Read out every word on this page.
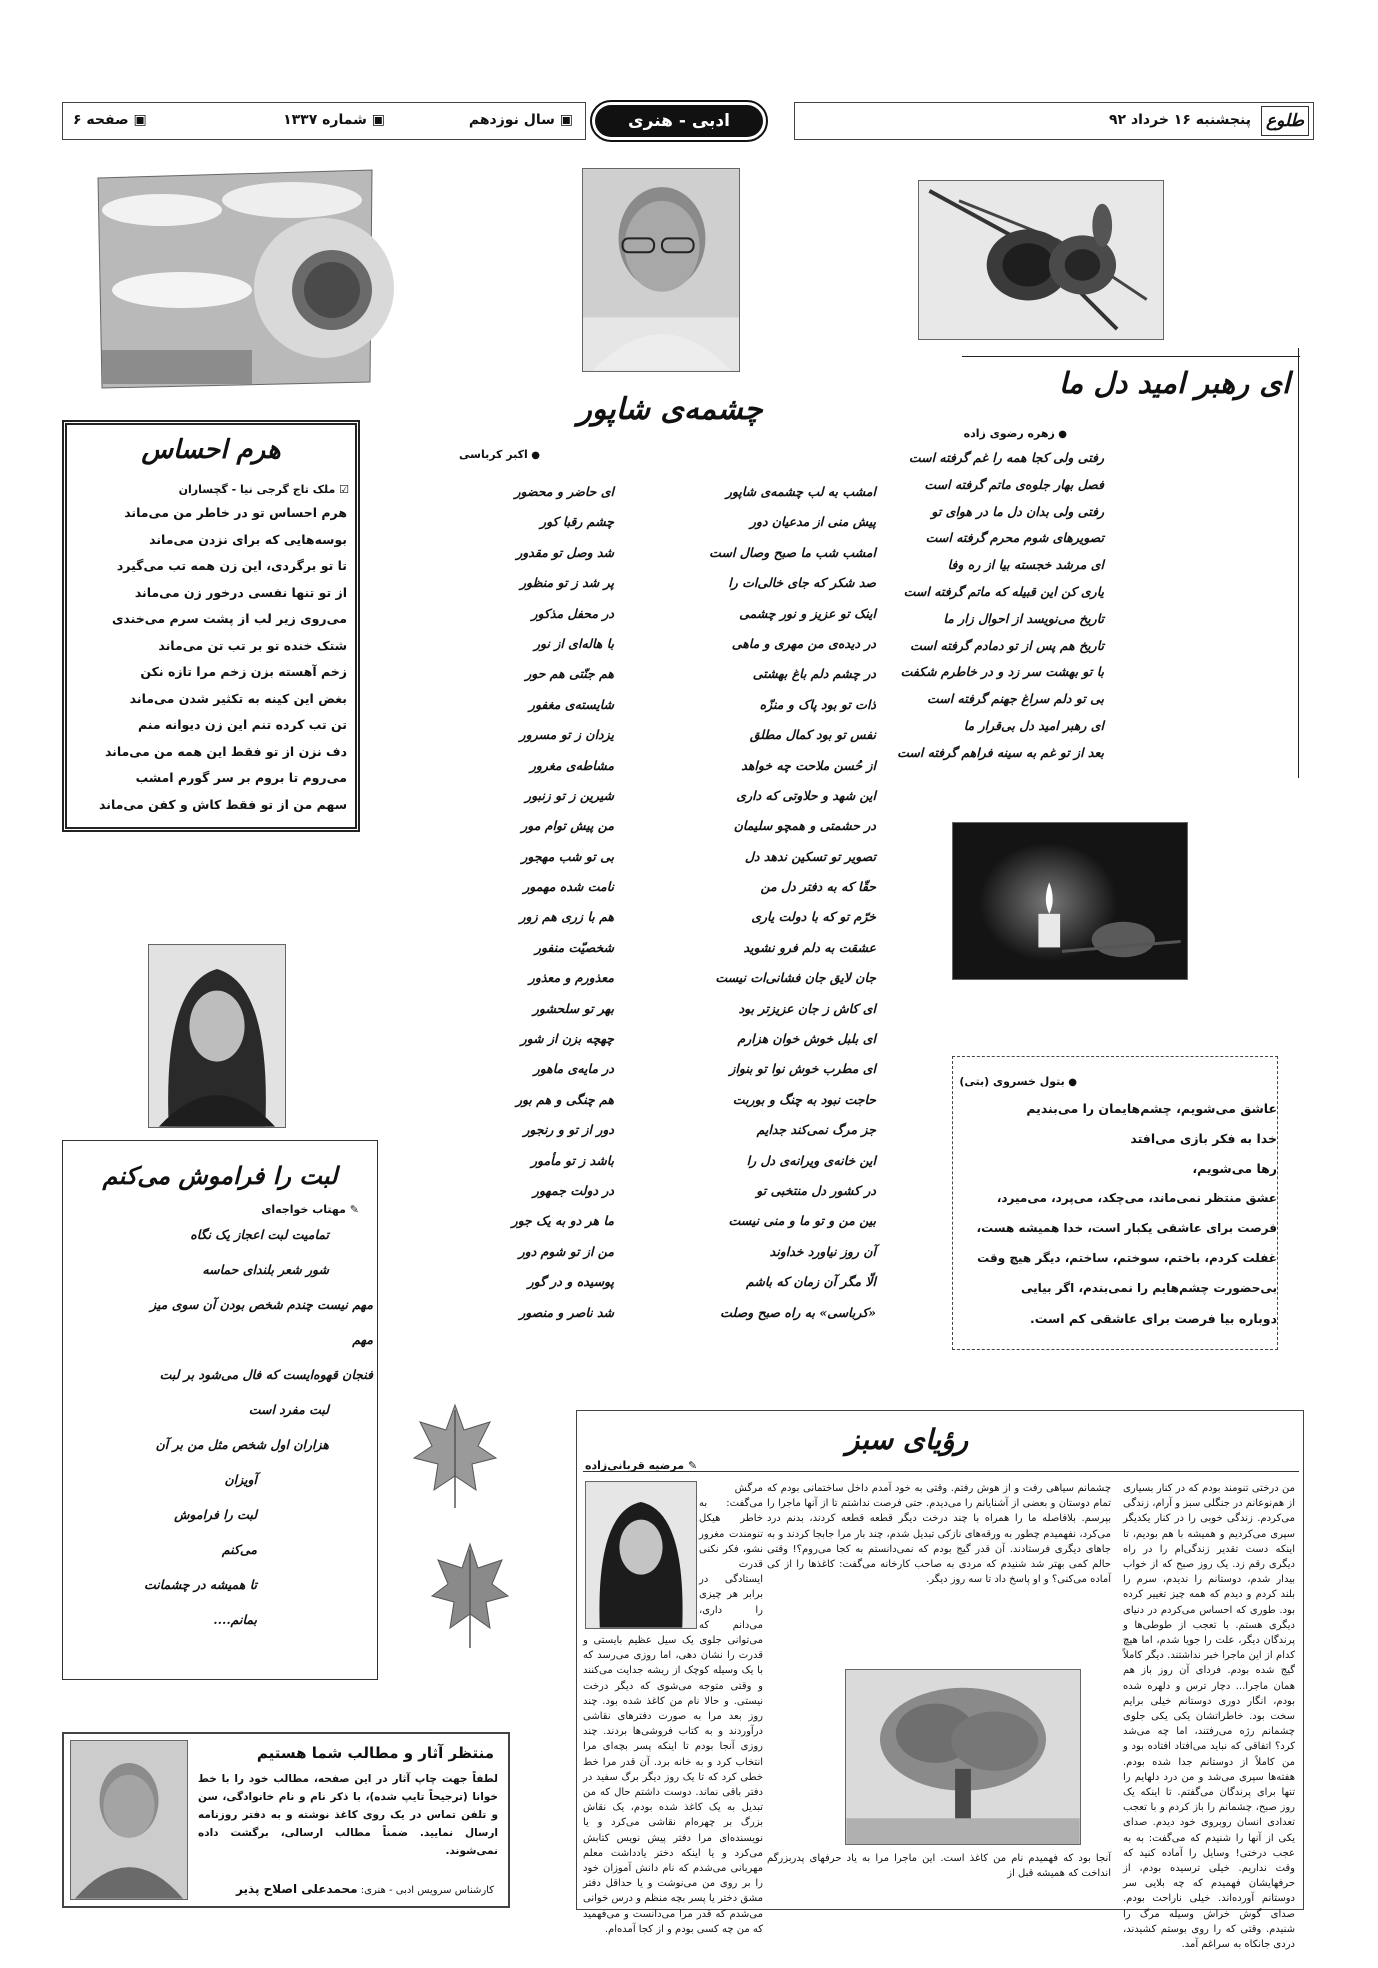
طلوع
پنجشنبه ۱۶ خرداد ۹۲
ادبی - هنری
▣ سال نوزدهم
▣ شماره ۱۳۳۷
▣ صفحه ۶
ای رهبر امید دل ما
● زهره رضوی زاده
رفتی ولی کجا همه را غم گرفته است
فصل بهار جلوه‌ی ماتم گرفته است
رفتی ولی بدان دل ما در هوای تو
تصویرهای شوم محرم گرفته است
ای مرشد خجسته بیا از ره وفا
یاری کن این قبیله که ماتم گرفته است
تاریخ می‌نویسد از احوال زار ما
تاریخ هم پس از تو دمادم گرفته است
با تو بهشت سر زد و در خاطرم شکفت
بی تو دلم سراغ جهنم گرفته است
ای رهبر امید دل بی‌قرار ما
بعد از تو غم به سینه فراهم گرفته است
● بتول خسروی (بتی)
عاشق می‌شویم، چشم‌هایمان را می‌بندیم
خدا به فکر بازی می‌افتد
رها می‌شویم،
عشق منتظر نمی‌ماند، می‌چکد، می‌پرد، می‌میرد،
فرصت برای عاشقی یکبار است، خدا همیشه هست،
غفلت کردم، باختم، سوختم، ساختم، دیگر هیچ وقت
بی‌حضورت چشم‌هایم را نمی‌بندم، اگر بیایی
دوباره بیا فرصت برای عاشقی کم است.
چشمه‌ی شاپور
● اکبر کرباسی
امشب به لب چشمه‌ی شاپور
پیش منی از مدعیان دور
امشب شب ما صبح وصال است
صد شکر که جای خالی‌ات را
اینک تو عزیز و نور چشمی
در دیده‌ی من مهری و ماهی
در چشم دلم باغ بهشتی
ذات تو بود پاک و منزّه
نفس تو بود کمال مطلق
از حُسن ملاحت چه خواهد
این شهد و حلاوتی که داری
در حشمتی و همچو سلیمان
تصویر تو تسکین ندهد دل
حقّا که به دفتر دل من
خرّم تو که با دولت یاری
عشقت به دلم فرو نشوید
جان لایق جان فشانی‌ات نیست
ای کاش ز جان عزیزتر بود
ای بلبل خوش خوان هزارم
ای مطرب خوش نوا تو بنواز
حاجت نبود به چنگ و بوربت
جز مرگ نمی‌کند جدایم
این خانه‌ی ویرانه‌ی دل را
در کشور دل منتخبی تو
بین من و تو ما و منی نیست
آن روز نیاورد خداوند
الّا مگر آن زمان که باشم
«کرباسی» به راه صبح وصلت
ای حاضر و محضور
چشم رقبا کور
شد وصل تو مقدور
پر شد ز تو منظور
در محفل مذکور
با هاله‌ای از نور
هم جنّتی هم حور
شایسته‌ی مغفور
یزدان ز تو مسرور
مشاطه‌ی مغرور
شیرین ز تو زنبور
من پیش توام مور
بی تو شب مهجور
نامت شده مهمور
هم با زری هم زور
شخصیّت منفور
معذورم و معذور
بهر تو سلحشور
چهچه بزن از شور
در مایه‌ی ماهور
هم چنگی و هم بور
دور از تو و رنجور
باشد ز تو مأمور
در دولت جمهور
ما هر دو به یک جور
من از تو شوم دور
پوسیده و در گور
شد ناصر و منصور
هرم احساس
☑ ملک تاج گرجی نیا - گچساران
هرم احساس تو در خاطر من می‌ماند
بوسه‌هایی که برای نزدن می‌ماند
تا تو برگردی، این زن همه تب می‌گیرد
از تو تنها نفسی درخور زن می‌ماند
می‌روی زیر لب از پشت سرم می‌خندی
شتک خنده تو بر تب تن می‌ماند
زخم آهسته بزن زخم مرا تازه نکن
بغض این کینه به تکثیر شدن می‌ماند
تن تب کرده تنم این زن دیوانه منم
دف نزن از تو فقط این همه من می‌ماند
می‌روم تا بروم بر سر گورم امشب
سهم من از تو فقط کاش و کفن می‌ماند
لبت را فراموش می‌کنم
✎ مهتاب خواجه‌ای
تمامیت لبت اعجاز یک نگاه
شور شعر بلندای حماسه
مهم نیست چندم شخص بودن آن سوی میز
مهم
فنجان قهوه‌ایست که فال می‌شود بر لبت
لبت مفرد است
هزاران اول شخص مثل من بر آن
آویزان
لبت را فراموش
می‌کنم
تا همیشه در چشمانت
بمانم....
منتظر آثار و مطالب شما هستیم
لطفاً جهت چاپ آثار در این صفحه، مطالب خود را با خط خوانا (ترجیحاً تایپ شده)، با ذکر نام و نام خانوادگی، سن و تلفن تماس در یک روی کاغذ نوشته و به دفتر روزنامه ارسال نمایید. ضمناً مطالب ارسالی، برگشت داده نمی‌شوند.
کارشناس سرویس ادبی - هنری: محمدعلی اصلاح پذیر
رؤیای سبز
✎ مرضیه قربانی‌زاده
من درختی تنومند بودم که در کنار بسیاری از هم‌نوعانم در جنگلی سبز و آرام، زندگی می‌کردم. زندگی خوبی را در کنار یکدیگر سپری می‌کردیم و همیشه با هم بودیم، تا اینکه دست تقدیر زندگی‌ام را در راه دیگری رقم زد. یک روز صبح که از خواب بیدار شدم، دوستانم را ندیدم، سرم را بلند کردم و دیدم که همه چیز تغییر کرده بود. طوری که احساس می‌کردم در دنیای دیگری هستم. با تعجب از طوطی‌ها و پرندگان دیگر، علت را جویا شدم، اما هیچ کدام از این ماجرا خبر نداشتند. دیگر کاملاً گیج شده بودم. فردای آن روز باز هم همان ماجرا... دچار ترس و دلهره شده بودم، انگار دوری دوستانم خیلی برایم سخت بود. خاطراتشان یکی یکی جلوی چشمانم رژه می‌رفتند، اما چه می‌شد کرد؟ اتفاقی که نباید می‌افتاد افتاده بود و من کاملاً از دوستانم جدا شده بودم. هفته‌ها سپری می‌شد و من درد دلهایم را تنها برای پرندگان می‌گفتم. تا اینکه یک روز صبح، چشمانم را باز کردم و با تعجب تعدادی انسان روبروی خود دیدم. صدای یکی از آنها را شنیدم که می‌گفت: به به عجب درختی! وسایل را آماده کنید که وقت نداریم. خیلی ترسیده بودم، از حرفهایشان فهمیدم که چه بلایی سر دوستانم آورده‌اند. خیلی ناراحت بودم. صدای گوش خراش وسیله مرگ را شنیدم. وقتی که را روی بوستم کشیدند، دردی جانکاه به سراغم آمد.
چشمانم سیاهی رفت و از هوش رفتم. وقتی به خود آمدم داخل ساختمانی بودم که تمام دوستان و بعضی از آشنایانم را می‌دیدم. حتی فرصت نداشتم تا از آنها ماجرا را بپرسم. بلافاصله ما را همراه با چند درخت دیگر قطعه قطعه کردند، بدنم درد می‌کرد، نفهمیدم چطور به ورقه‌های نازکی تبدیل شدم، چند بار مرا جابجا کردند و به جاهای دیگری فرستادند. آن قدر گیج بودم که نمی‌دانستم به کجا می‌روم؟! وقتی حالم کمی بهتر شد شنیدم که مردی به صاحب کارخانه می‌گفت: کاغذها را از کی آماده می‌کنی؟ و او پاسخ داد تا سه روز دیگر.
آنجا بود که فهمیدم نام من کاغذ است. این ماجرا مرا به یاد حرفهای پدربزرگم انداخت که همیشه قبل از
مرگش می‌گفت: به خاطر هیکل تنومندت مغرور نشو، فکر نکنی قدرت ایستادگی در برابر هر چیزی را داری، می‌دانم که می‌توانی جلوی یک سیل عظیم بایستی و قدرت را نشان دهی، اما روزی می‌رسد که با یک وسیله کوچک از ریشه جدایت می‌کنند و وقتی متوجه می‌شوی که دیگر درخت نیستی. و حالا نام من کاغذ شده بود. چند روز بعد مرا به صورت دفترهای نقاشی درآوردند و به کتاب فروشی‌ها بردند. چند روزی آنجا بودم تا اینکه پسر بچه‌ای مرا انتخاب کرد و به خانه برد. آن قدر مرا خط خطی کرد که تا یک روز دیگر برگ سفید در دفتر باقی نماند. دوست داشتم حال که من تبدیل به یک کاغذ شده بودم، یک نقاش بزرگ بر چهره‌ام نقاشی می‌کرد و یا نویسنده‌ای مرا دفتر پیش نویس کتابش می‌کرد و یا اینکه دختر یادداشت معلم مهربانی می‌شدم که نام دانش آموزان خود را بر روی من می‌نوشت و یا حداقل دفتر مشق دختر یا پسر بچه منظم و درس خوانی می‌شدم که قدر مرا می‌دانست و می‌فهمید که من چه کسی بودم و از کجا آمده‌ام.
